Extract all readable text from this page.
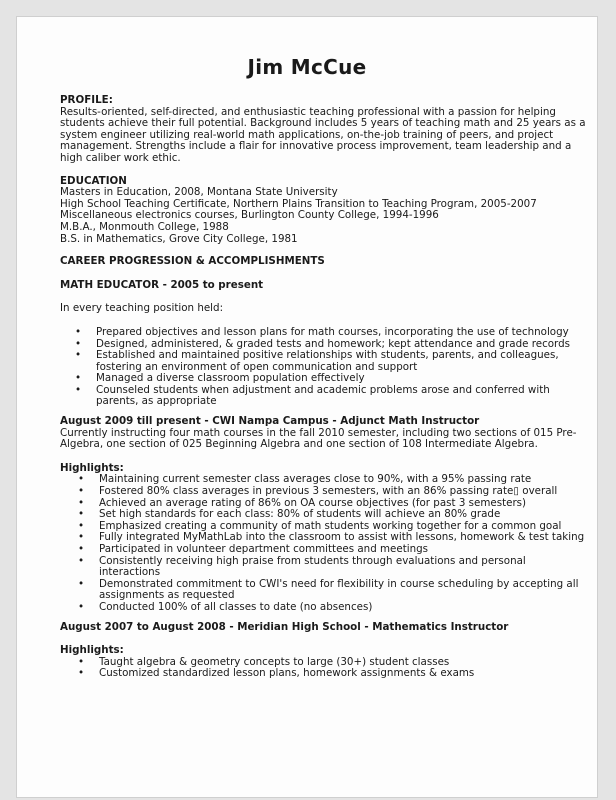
Jim McCue

PROFILE:

Results-oriented, self-directed, and enthusiastic teaching professional with a passion for helping students achieve their full potential. Background includes 5 years of teaching math and 25 years as a system engineer utilizing real-world math applications, on-the-job training of peers, and project management. Strengths include a flair for innovative process improvement, team leadership and a high caliber work ethic.

EDUCATION

Masters in Education, 2008, Montana State University

High School Teaching Certificate, Northern Plains Transition to Teaching Program, 2005-2007

Miscellaneous electronics courses, Burlington County College, 1994-1996

M.B.A., Monmouth College, 1988

B.S. in Mathematics, Grove City College, 1981

CAREER PROGRESSION & ACCOMPLISHMENTS

MATH EDUCATOR - 2005 to present

In every teaching position held:

• Prepared objectives and lesson plans for math courses, incorporating the use of technology
• Designed, administered, & graded tests and homework; kept attendance and grade records
• Established and maintained positive relationships with students, parents, and colleagues, fostering an environment of open communication and support
• Managed a diverse classroom population effectively
• Counseled students when adjustment and academic problems arose and conferred with parents, as appropriate

August 2009 till present - CWI Nampa Campus - Adjunct Math Instructor

Currently instructing four math courses in the fall 2010 semester, including two sections of 015 Pre-Algebra, one section of 025 Beginning Algebra and one section of 108 Intermediate Algebra.

Highlights:

• Maintaining current semester class averages close to 90%, with a 95% passing rate
• Fostered 80% class averages in previous 3 semesters, with an 86% passing rate▯ overall
• Achieved an average rating of 86% on OA course objectives (for past 3 semesters)
• Set high standards for each class: 80% of students will achieve an 80% grade
• Emphasized creating a community of math students working together for a common goal
• Fully integrated MyMathLab into the classroom to assist with lessons, homework & test taking
• Participated in volunteer department committees and meetings
• Consistently receiving high praise from students through evaluations and personal interactions
• Demonstrated commitment to CWI's need for flexibility in course scheduling by accepting all assignments as requested
• Conducted 100% of all classes to date (no absences)

August 2007 to August 2008 - Meridian High School - Mathematics Instructor

Highlights:

• Taught algebra & geometry concepts to large (30+) student classes
• Customized standardized lesson plans, homework assignments & exams
